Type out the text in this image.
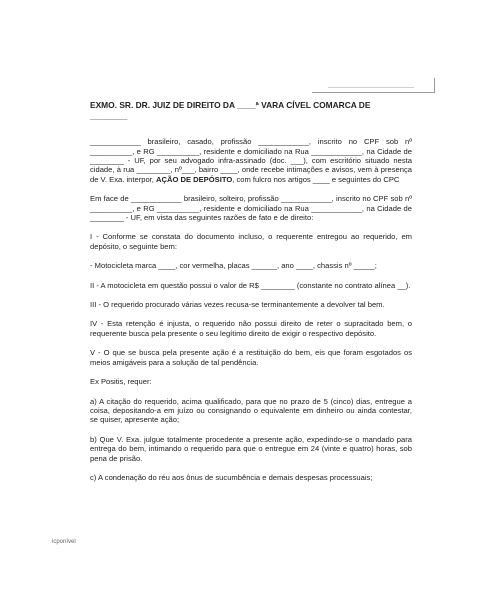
EXMO. SR. DR. JUIZ DE DIREITO DA ____ª VARA CÍVEL COMARCA DE
________
____________ brasileiro, casado, profissão ____________, inscrito no CPF sob nº __________, e RG __________, residente e domiciliado na Rua ____________, na Cidade de ________ - UF, por seu advogado infra-assinado (doc. ___), com escritório situado nesta cidade, à rua ________, nº___, bairro ____, onde recebe intimações e avisos, vem à presença de V. Exa. interpor, AÇÃO DE DEPÓSITO, com fulcro nos artigos ____ e seguintes do CPC
Em face de ____________ brasileiro, solteiro, profissão ____________, inscrito no CPF sob nº __________, e RG __________, residente e domiciliado na Rua ____________, na Cidade de ________ - UF, em vista das seguintes razões de fato e de direito:
I - Conforme se constata do documento incluso, o requerente entregou ao requerido, em depósito, o seguinte bem:
- Motocicleta marca ____, cor vermelha, placas ______, ano ____, chassis nº _____;
II - A motocicleta em questão possui o valor de R$ ________ (constante no contrato alínea __).
III - O requerido procurado várias vezes recusa-se terminantemente a devolver tal bem.
IV - Esta retenção é injusta, o requerido não possui direito de reter o supracitado bem, o requerente busca pela presente o seu legítimo direito de exigir o respectivo depósito.
V - O que se busca pela presente ação é a restituição do bem, eis que foram esgotados os meios amigáveis para a solução de tal pendência.
Ex Positis, requer:
a) A citação do requerido, acima qualificado, para que no prazo de 5 (cinco) dias, entregue a coisa, depositando-a em juízo ou consignando o equivalente em dinheiro ou ainda contestar, se quiser, apresente ação;
b) Que V. Exa. julgue totalmente procedente a presente ação, expedindo-se o mandado para entrega do bem, intimando o requerido para que o entregue em 24 (vinte e quatro) horas, sob pena de prisão.
c) A condenação do réu aos ônus de sucumbência e demais despesas processuais;
icponível
